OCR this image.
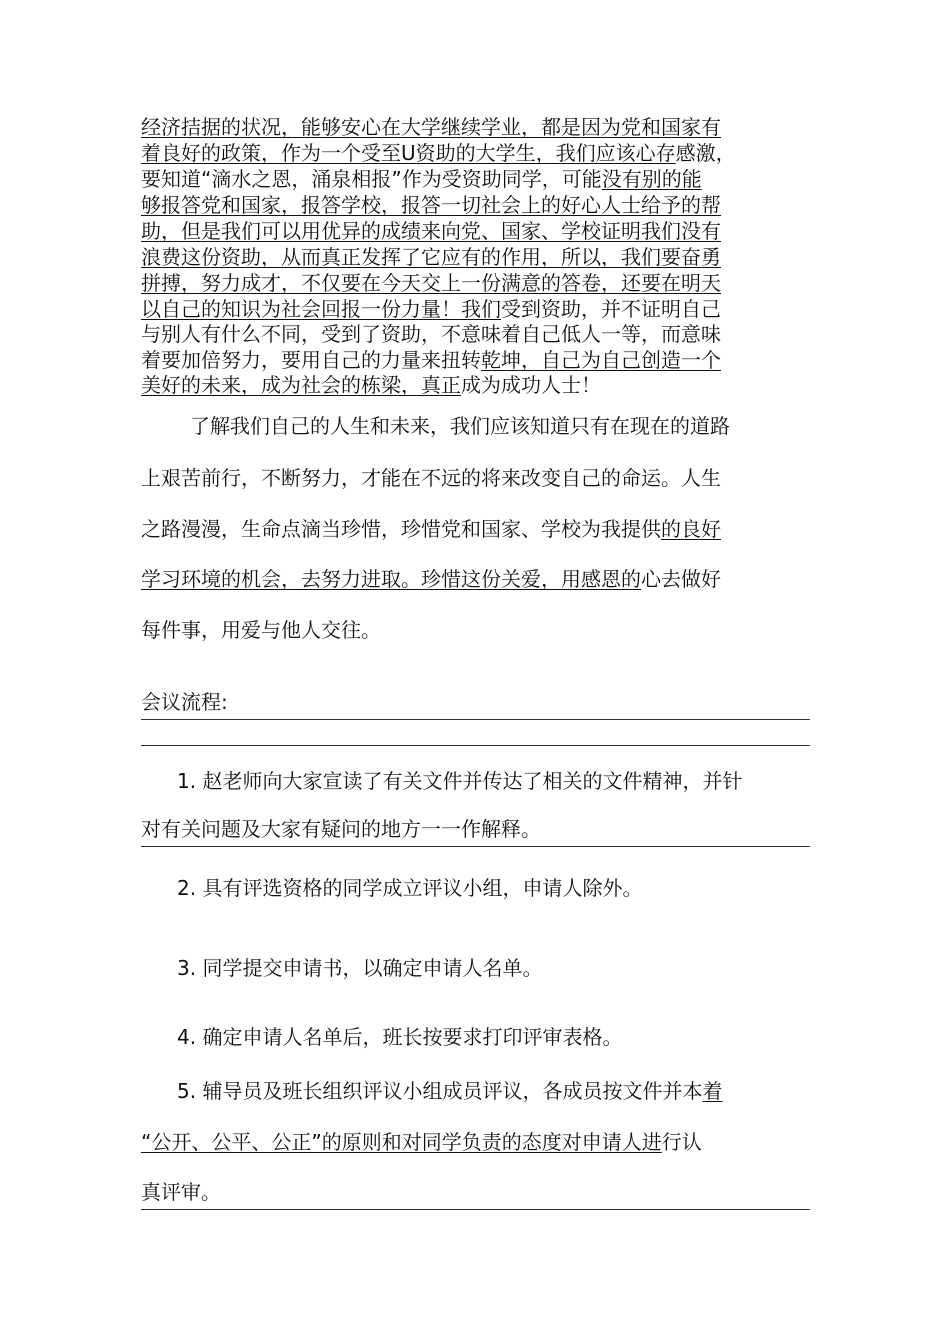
经济拮据的状况，能够安心在大学继续学业，都是因为党和国家有
着良好的政策，作为一个受至U资助的大学生，我们应该心存感激，
要知道“滴水之恩，涌泉相报”作为受资助同学，可能没有别的能
够报答党和国家，报答学校，报答一切社会上的好心人士给予的帮
助，但是我们可以用优异的成绩来向党、国家、学校证明我们没有
浪费这份资助，从而真正发挥了它应有的作用，所以，我们要奋勇
拼搏，努力成才，不仅要在今天交上一份满意的答卷，还要在明天
以自己的知识为社会回报一份力量！我们受到资助，并不证明自己
与别人有什么不同，受到了资助，不意味着自己低人一等，而意味
着要加倍努力，要用自己的力量来扭转乾坤，自己为自己创造一个
美好的未来，成为社会的栋梁，真正成为成功人士！
了解我们自己的人生和未来，我们应该知道只有在现在的道路
上艰苦前行，不断努力，才能在不远的将来改变自己的命运。人生
之路漫漫，生命点滴当珍惜，珍惜党和国家、学校为我提供的良好
学习环境的机会，去努力进取。珍惜这份关爱，用感恩的心去做好
每件事，用爱与他人交往。
会议流程:
1. 赵老师向大家宣读了有关文件并传达了相关的文件精神，并针
对有关问题及大家有疑问的地方一一作解释。
2. 具有评选资格的同学成立评议小组，申请人除外。
3. 同学提交申请书，以确定申请人名单。
4. 确定申请人名单后，班长按要求打印评审表格。
5. 辅导员及班长组织评议小组成员评议，各成员按文件并本着
“公开、公平、公正”的原则和对同学负责的态度对申请人进行认
真评审。
